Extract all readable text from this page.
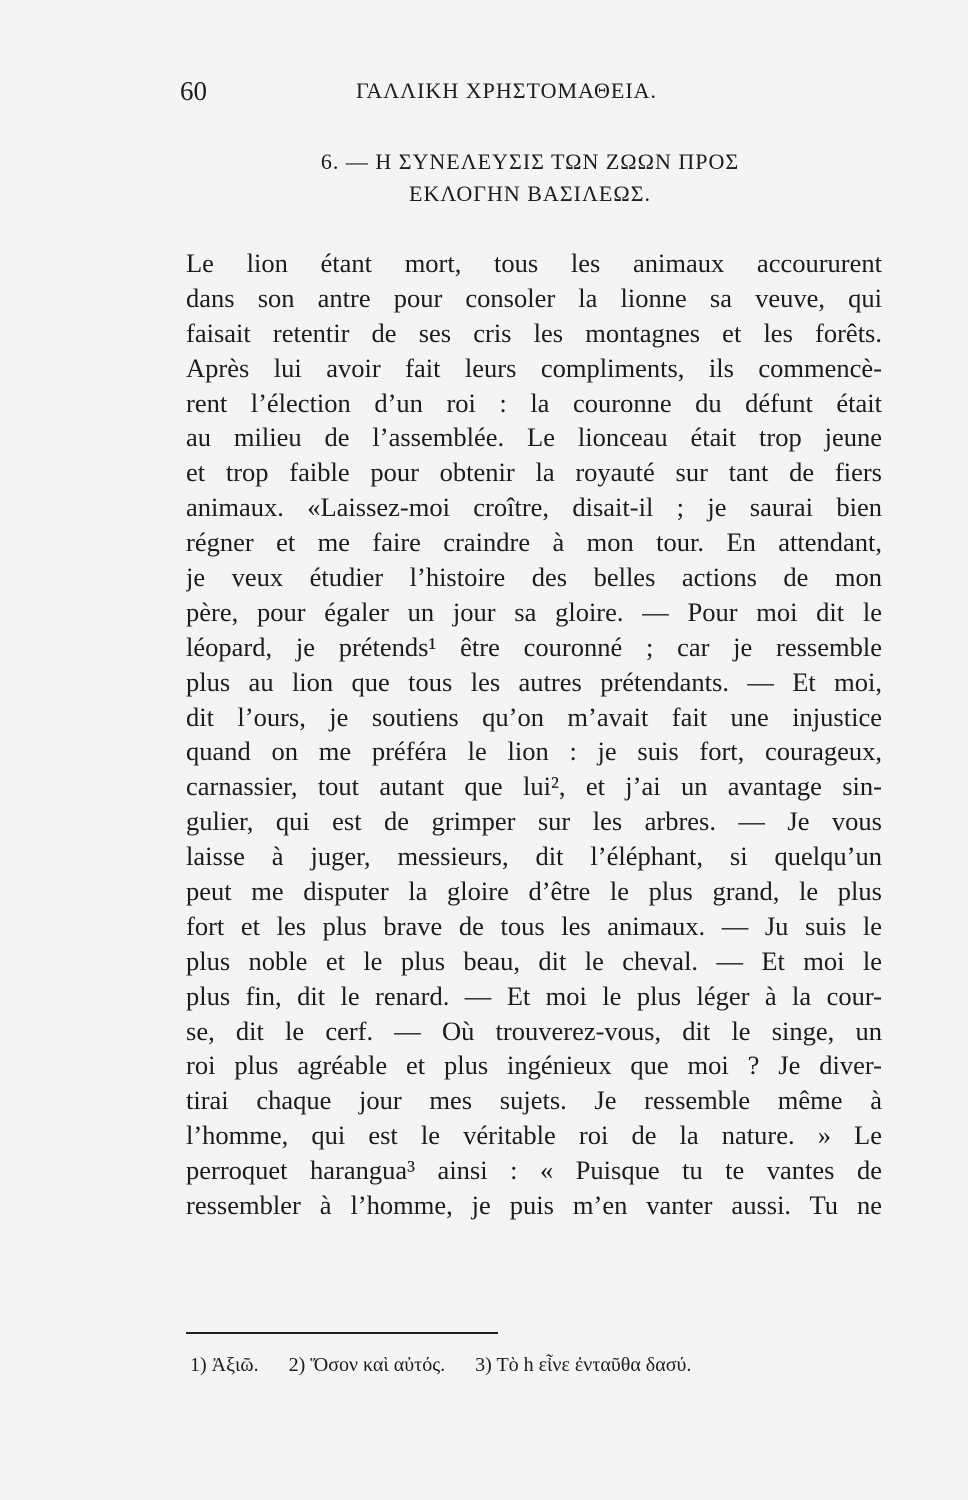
60	ΓΑΛΛΙΚΗ ΧΡΗΣΤΟΜΑΘΕΙΑ.
6. — Η ΣΥΝΕΛΕΥΣΙΣ ΤΩΝ ΖΩΩΝ ΠΡΟΣ
ΕΚΛΟΓΗΝ ΒΑΣΙΛΕΩΣ.
Le lion étant mort, tous les animaux accoururent
dans son antre pour consoler la lionne sa veuve, qui
faisait retentir de ses cris les montagnes et les forêts.
Après lui avoir fait leurs compliments, ils commencè-
rent l’élection d’un roi : la couronne du défunt était
au milieu de l’assemblée. Le lionceau était trop jeune
et trop faible pour obtenir la royauté sur tant de fiers
animaux. «Laissez-moi croître, disait-il ; je saurai bien
régner et me faire craindre à mon tour. En attendant,
je veux étudier l’histoire des belles actions de mon
père, pour égaler un jour sa gloire. — Pour moi dit le
léopard, je prétends¹ être couronné ; car je ressemble
plus au lion que tous les autres prétendants. — Et moi,
dit l’ours, je soutiens qu’on m’avait fait une injustice
quand on me préféra le lion : je suis fort, courageux,
carnassier, tout autant que lui², et j’ai un avantage sin-
gulier, qui est de grimper sur les arbres. — Je vous
laisse à juger, messieurs, dit l’éléphant, si quelqu’un
peut me disputer la gloire d’être le plus grand, le plus
fort et les plus brave de tous les animaux. — Ju suis le
plus noble et le plus beau, dit le cheval. — Et moi le
plus fin, dit le renard. — Et moi le plus léger à la cour-
se, dit le cerf. — Où trouverez-vous, dit le singe, un
roi plus agréable et plus ingénieux que moi ? Je diver-
tirai chaque jour mes sujets. Je ressemble même à
l’homme, qui est le véritable roi de la nature. » Le
perroquet harangua³ ainsi : « Puisque tu te vantes de
ressembler à l’homme, je puis m’en vanter aussi. Tu ne
1) Ἀξιῶ. 2) Ὅσον καὶ αὐτός. 3) Τὸ h εἶνε ἐνταῦθα δασύ.
